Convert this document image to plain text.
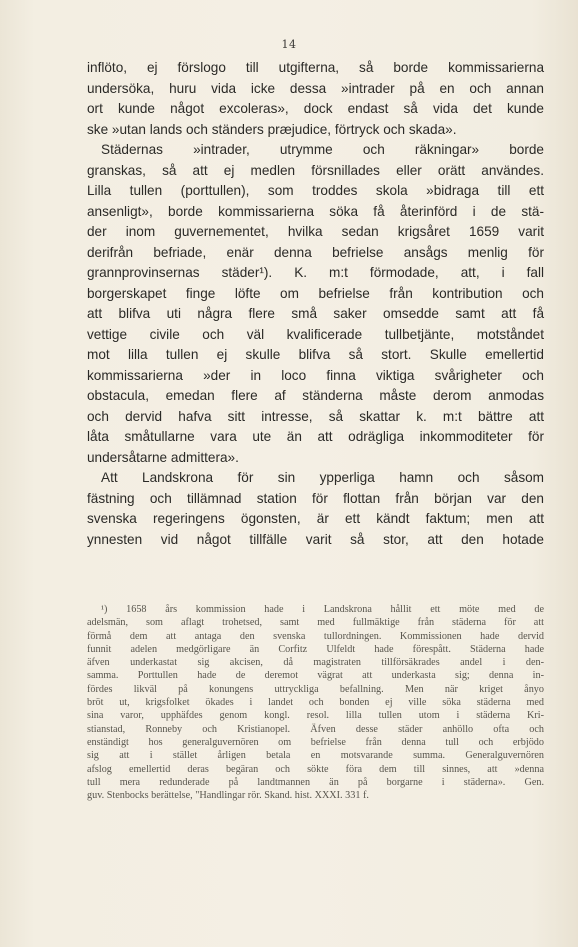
14
inflöto, ej förslogo till utgifterna, så borde kommissarierna
undersöka, huru vida icke dessa »intrader på en och annan
ort kunde något excoleras», dock endast så vida det kunde
ske »utan lands och ständers præjudice, förtryck och skada».
Städernas »intrader, utrymme och räkningar» borde
granskas, så att ej medlen försnillades eller orätt användes.
Lilla tullen (porttullen), som troddes skola »bidraga till ett
ansenligt», borde kommissarierna söka få återinförd i de stä-
der inom guvernementet, hvilka sedan krigsåret 1659 varit
derifrån befriade, enär denna befrielse ansågs menlig för
grannprovinsernas städer¹). K. m:t förmodade, att, i fall
borgerskapet finge löfte om befrielse från kontribution och
att blifva uti några flere små saker omsedde samt att få
vettige civile och väl kvalificerade tullbetjänte, motståndet
mot lilla tullen ej skulle blifva så stort. Skulle emellertid
kommissarierna »der in loco finna viktiga svårigheter och
obstacula, emedan flere af ständerna måste derom anmodas
och dervid hafva sitt intresse, så skattar k. m:t bättre att
låta småtullarne vara ute än att odrägliga inkommoditeter för
undersåtarne admittera».
Att Landskrona för sin ypperliga hamn och såsom
fästning och tillämnad station för flottan från början var den
svenska regeringens ögonsten, är ett kändt faktum; men att
ynnesten vid något tillfälle varit så stor, att den hotade
¹) 1658 års kommission hade i Landskrona hållit ett möte med de
adelsmän, som aflagt trohetsed, samt med fullmäktige från städerna för att
förmå dem att antaga den svenska tullordningen. Kommissionen hade dervid
funnit adelen medgörligare än Corfitz Ulfeldt hade förespått. Städerna hade
äfven underkastat sig akcisen, då magistraten tillförsäkrades andel i den-
samma. Porttullen hade de deremot vägrat att underkasta sig; denna in-
fördes likväl på konungens uttryckliga befallning. Men när kriget ånyo
bröt ut, krigsfolket ökades i landet och bonden ej ville söka städerna med
sina varor, upphäfdes genom kongl. resol. lilla tullen utom i städerna Kri-
stianstad, Ronneby och Kristianopel. Äfven desse städer anhöllo ofta och
enständigt hos generalguvernören om befrielse från denna tull och erbjödo
sig att i stället årligen betala en motsvarande summa. Generalguvernören
afslog emellertid deras begäran och sökte föra dem till sinnes, att »denna
tull mera redunderade på landtmannen än på borgarne i städerna». Gen.
guv. Stenbocks berättelse, "Handlingar rör. Skand. hist. XXXI. 331 f.
